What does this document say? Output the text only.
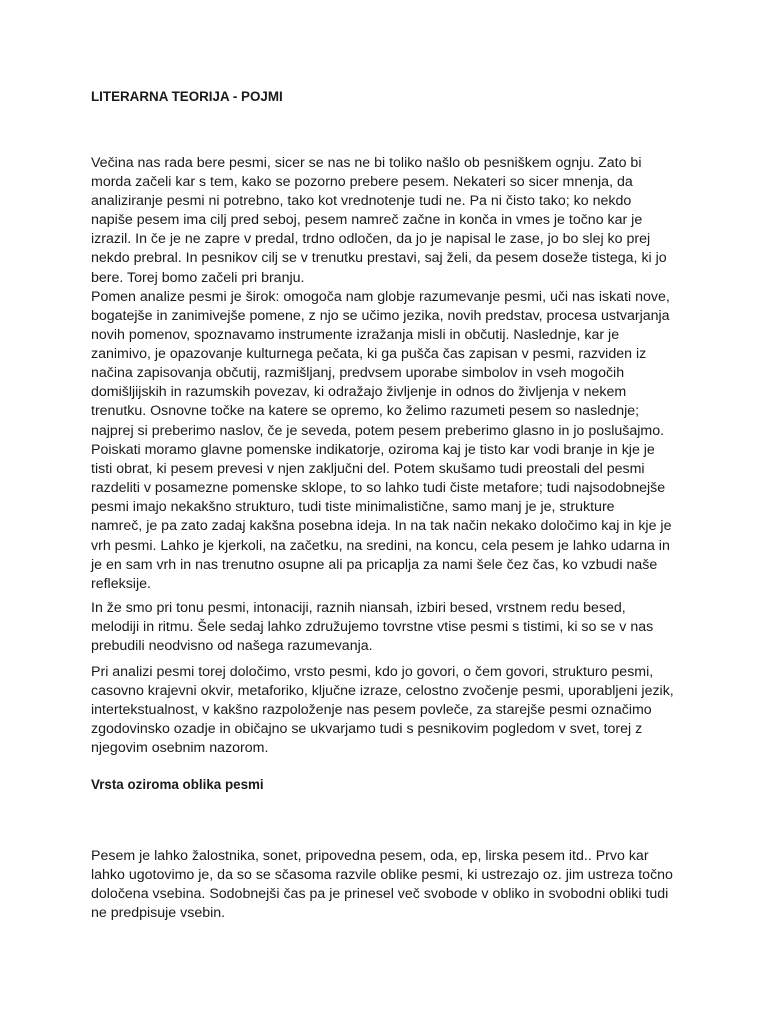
LITERARNA TEORIJA - POJMI

Večina nas rada bere pesmi, sicer se nas ne bi toliko našlo ob pesniškem ognju. Zato bi
morda začeli kar s tem, kako se pozorno prebere pesem. Nekateri so sicer mnenja, da
analiziranje pesmi ni potrebno, tako kot vrednotenje tudi ne. Pa ni čisto tako; ko nekdo
napiše pesem ima cilj pred seboj, pesem namreč začne in konča in vmes je točno kar je
izrazil. In če je ne zapre v predal, trdno odločen, da jo je napisal le zase, jo bo slej ko prej
nekdo prebral. In pesnikov cilj se v trenutku prestavi, saj želi, da pesem doseže tistega, ki jo
bere. Torej bomo začeli pri branju.
Pomen analize pesmi je širok: omogoča nam globje razumevanje pesmi, uči nas iskati nove,
bogatejše in zanimivejše pomene, z njo se učimo jezika, novih predstav, procesa ustvarjanja
novih pomenov, spoznavamo instrumente izražanja misli in občutij. Naslednje, kar je
zanimivo, je opazovanje kulturnega pečata, ki ga pušča čas zapisan v pesmi, razviden iz
načina zapisovanja občutij, razmišljanj, predvsem uporabe simbolov in vseh mogočih
domišljijskih in razumskih povezav, ki odražajo življenje in odnos do življenja v nekem
trenutku. Osnovne točke na katere se opremo, ko želimo razumeti pesem so naslednje;

najprej si preberimo naslov, če je seveda, potem pesem preberimo glasno in jo poslušajmo.
Poiskati moramo glavne pomenske indikatorje, oziroma kaj je tisto kar vodi branje in kje je
tisti obrat, ki pesem prevesi v njen zaključni del. Potem skušamo tudi preostali del pesmi
razdeliti v posamezne pomenske sklope, to so lahko tudi čiste metafore; tudi najsodobnejše
pesmi imajo nekakšno strukturo, tudi tiste minimalistične, samo manj je je, strukture
namreč, je pa zato zadaj kakšna posebna ideja. In na tak način nekako določimo kaj in kje je
vrh pesmi. Lahko je kjerkoli, na začetku, na sredini, na koncu, cela pesem je lahko udarna in
je en sam vrh in nas trenutno osupne ali pa pricaplja za nami šele čez čas, ko vzbudi naše
refleksije.

In že smo pri tonu pesmi, intonaciji, raznih niansah, izbiri besed, vrstnem redu besed,
melodiji in ritmu. Šele sedaj lahko združujemo tovrstne vtise pesmi s tistimi, ki so se v nas
prebudili neodvisno od našega razumevanja.

Pri analizi pesmi torej določimo, vrsto pesmi, kdo jo govori, o čem govori, strukturo pesmi,
casovno krajevni okvir, metaforiko, ključne izraze, celostno zvočenje pesmi, uporabljeni jezik,
intertekstualnost, v kakšno razpoloženje nas pesem povleče, za starejše pesmi označimo
zgodovinsko ozadje in običajno se ukvarjamo tudi s pesnikovim pogledom v svet, torej z
njegovim osebnim nazorom.

Vrsta oziroma oblika pesmi

Pesem je lahko žalostnika, sonet, pripovedna pesem, oda, ep, lirska pesem itd.. Prvo kar
lahko ugotovimo je, da so se sčasoma razvile oblike pesmi, ki ustrezajo oz. jim ustreza točno
določena vsebina. Sodobnejši čas pa je prinesel več svobode v obliko in svobodni obliki tudi
ne predpisuje vsebin.
